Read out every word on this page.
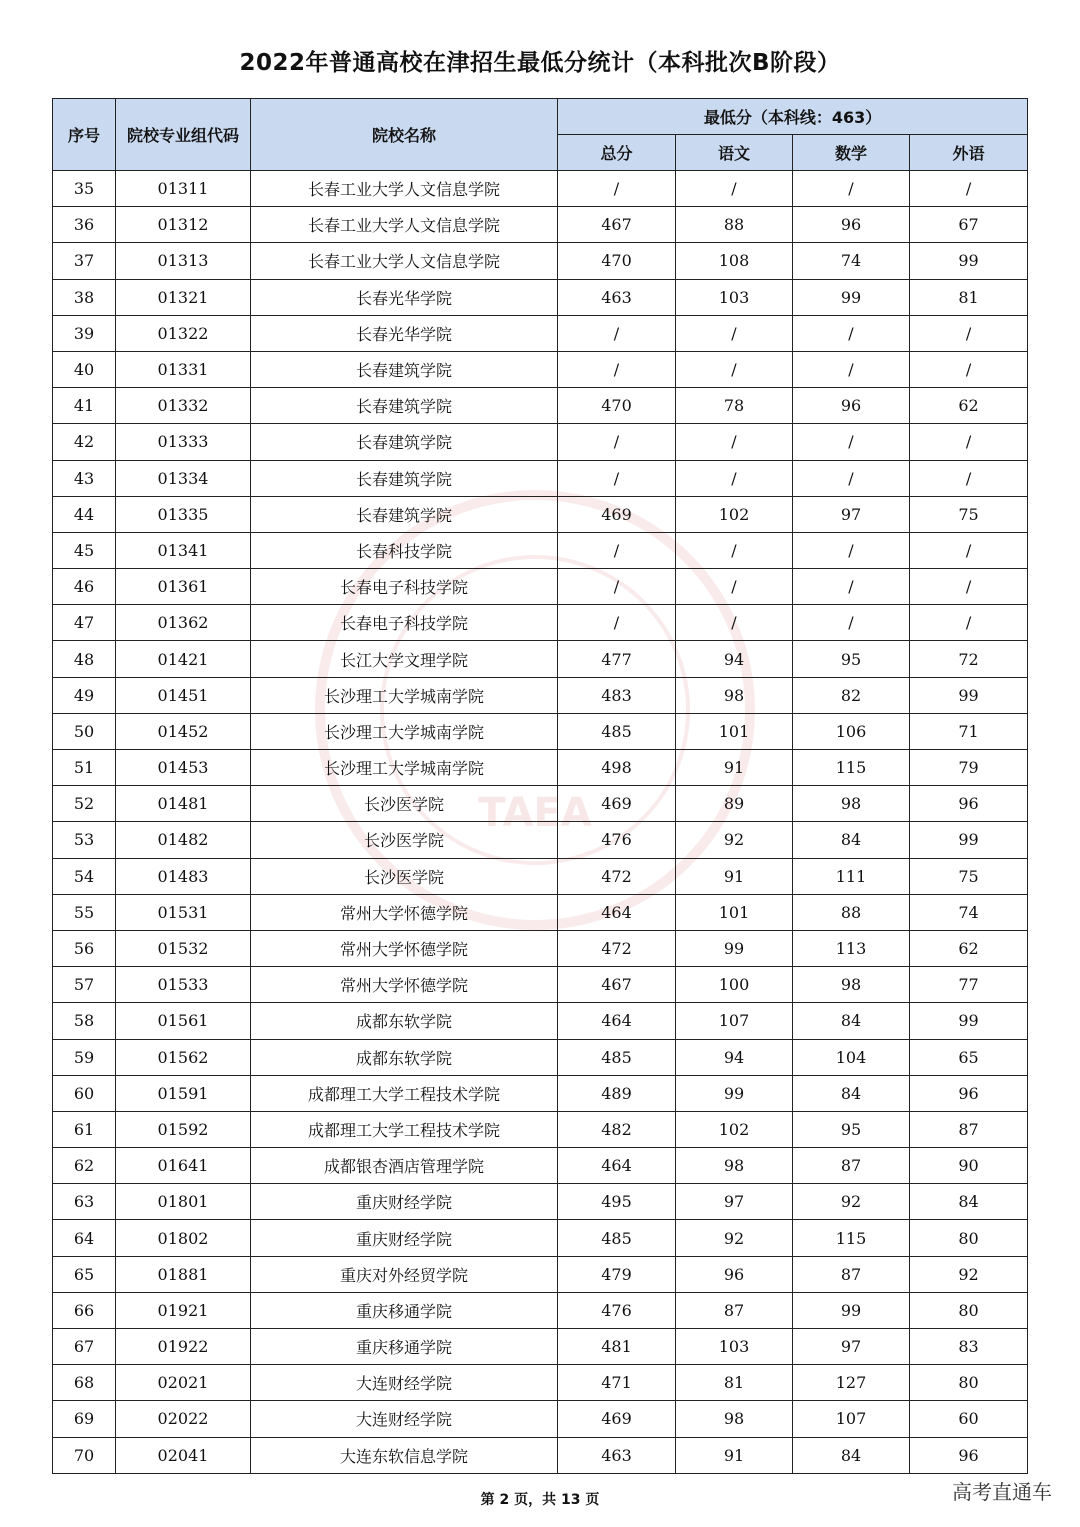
TAEA
2022年普通高校在津招生最低分统计（本科批次B阶段）
序号	院校专业组代码	院校名称	最低分（本科线：463）			
			总分	语文	数学	外语
35	01311	长春工业大学人文信息学院	/	/	/	/
36	01312	长春工业大学人文信息学院	467	88	96	67
37	01313	长春工业大学人文信息学院	470	108	74	99
38	01321	长春光华学院	463	103	99	81
39	01322	长春光华学院	/	/	/	/
40	01331	长春建筑学院	/	/	/	/
41	01332	长春建筑学院	470	78	96	62
42	01333	长春建筑学院	/	/	/	/
43	01334	长春建筑学院	/	/	/	/
44	01335	长春建筑学院	469	102	97	75
45	01341	长春科技学院	/	/	/	/
46	01361	长春电子科技学院	/	/	/	/
47	01362	长春电子科技学院	/	/	/	/
48	01421	长江大学文理学院	477	94	95	72
49	01451	长沙理工大学城南学院	483	98	82	99
50	01452	长沙理工大学城南学院	485	101	106	71
51	01453	长沙理工大学城南学院	498	91	115	79
52	01481	长沙医学院	469	89	98	96
53	01482	长沙医学院	476	92	84	99
54	01483	长沙医学院	472	91	111	75
55	01531	常州大学怀德学院	464	101	88	74
56	01532	常州大学怀德学院	472	99	113	62
57	01533	常州大学怀德学院	467	100	98	77
58	01561	成都东软学院	464	107	84	99
59	01562	成都东软学院	485	94	104	65
60	01591	成都理工大学工程技术学院	489	99	84	96
61	01592	成都理工大学工程技术学院	482	102	95	87
62	01641	成都银杏酒店管理学院	464	98	87	90
63	01801	重庆财经学院	495	97	92	84
64	01802	重庆财经学院	485	92	115	80
65	01881	重庆对外经贸学院	479	96	87	92
66	01921	重庆移通学院	476	87	99	80
67	01922	重庆移通学院	481	103	97	83
68	02021	大连财经学院	471	81	127	80
69	02022	大连财经学院	469	98	107	60
70	02041	大连东软信息学院	463	91	84	96
第 2 页，共 13 页	高考直通车
